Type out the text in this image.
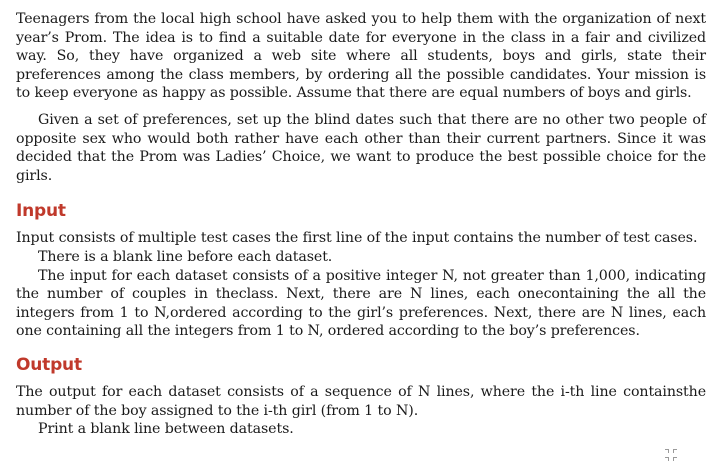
Teenagers from the local high school have asked you to help them with the organization of next year’s Prom. The idea is to find a suitable date for everyone in the class in a fair and civilized way. So, they have organized a web site where all students, boys and girls, state their preferences among the class members, by ordering all the possible candidates. Your mission is to keep everyone as happy as possible. Assume that there are equal numbers of boys and girls.

Given a set of preferences, set up the blind dates such that there are no other two people of opposite sex who would both rather have each other than their current partners. Since it was decided that the Prom was Ladies’ Choice, we want to produce the best possible choice for the girls.

Input

Input consists of multiple test cases the first line of the input contains the number of test cases.

There is a blank line before each dataset.

The input for each dataset consists of a positive integer N, not greater than 1,000, indicating the number of couples in theclass. Next, there are N lines, each onecontaining the all the integers from 1 to N,ordered according to the girl’s preferences. Next, there are N lines, each one containing all the integers from 1 to N, ordered according to the boy’s preferences.

Output

The output for each dataset consists of a sequence of N lines, where the i-th line containsthe number of the boy assigned to the i-th girl (from 1 to N).

Print a blank line between datasets.
